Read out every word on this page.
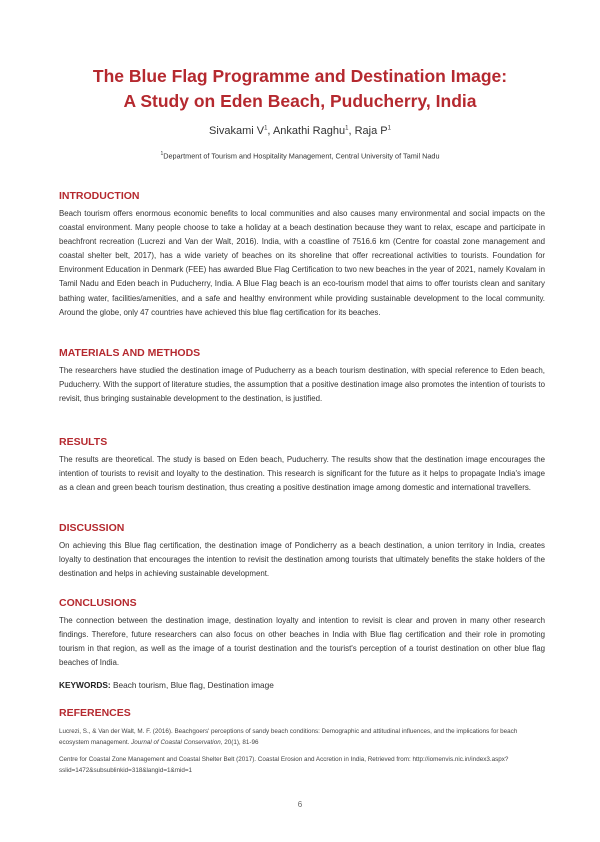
The Blue Flag Programme and Destination Image:
A Study on Eden Beach, Puducherry, India
Sivakami $V^1$, Ankathi Raghu$^1$, Raja $P^1$
$^1$Department of Tourism and Hospitality Management, Central University of Tamil Nadu
INTRODUCTION

Beach tourism offers enormous economic benefits to local communities and also causes many environmental and social impacts on the coastal environment. Many people choose to take a holiday at a beach destination because they want to relax, escape and participate in beachfront recreation (Lucrezi and Van der Walt, 2016). India, with a coastline of 7516.6 km (Centre for coastal zone management and coastal shelter belt, 2017), has a wide variety of beaches on its shoreline that offer recreational activities to tourists. Foundation for Environment Education in Denmark (FEE) has awarded Blue Flag Certification to two new beaches in the year of 2021, namely Kovalam in Tamil Nadu and Eden beach in Puducherry, India. A Blue Flag beach is an eco-tourism model that aims to offer tourists clean and sanitary bathing water, facilities/amenities, and a safe and healthy environment while providing sustainable development to the local community. Around the globe, only 47 countries have achieved this blue flag certification for its beaches.

MATERIALS AND METHODS

The researchers have studied the destination image of Puducherry as a beach tourism destination, with special reference to Eden beach, Puducherry. With the support of literature studies, the assumption that a positive destination image also promotes the intention of tourists to revisit, thus bringing sustainable development to the destination, is justified.

RESULTS

The results are theoretical. The study is based on Eden beach, Puducherry. The results show that the destination image encourages the intention of tourists to revisit and loyalty to the destination. This research is significant for the future as it helps to propagate India's image as a clean and green beach tourism destination, thus creating a positive destination image among domestic and international travellers.

DISCUSSION

On achieving this Blue flag certification, the destination image of Pondicherry as a beach destination, a union territory in India, creates loyalty to destination that encourages the intention to revisit the destination among tourists that ultimately benefits the stake holders of the destination and helps in achieving sustainable development.

CONCLUSIONS

The connection between the destination image, destination loyalty and intention to revisit is clear and proven in many other research findings. Therefore, future researchers can also focus on other beaches in India with Blue flag certification and their role in promoting tourism in that region, as well as the image of a tourist destination and the tourist's perception of a tourist destination on other blue flag beaches of India.

KEYWORDS: Beach tourism, Blue flag, Destination image
REFERENCES

Lucrezi, S., & Van der Walt, M. F. (2016). Beachgoers' perceptions of sandy beach conditions: Demographic and attitudinal influences, and the implications for beach ecosystem management. Journal of Coastal Conservation, 20(1), 81-96

Centre for Coastal Zone Management and Coastal Shelter Belt (2017). Coastal Erosion and Accretion in India, Retrieved from: http://iomenvis.nic.in/index3.aspx?sslid=1472&subsublinkid=318&langid=1&mid=1

6
